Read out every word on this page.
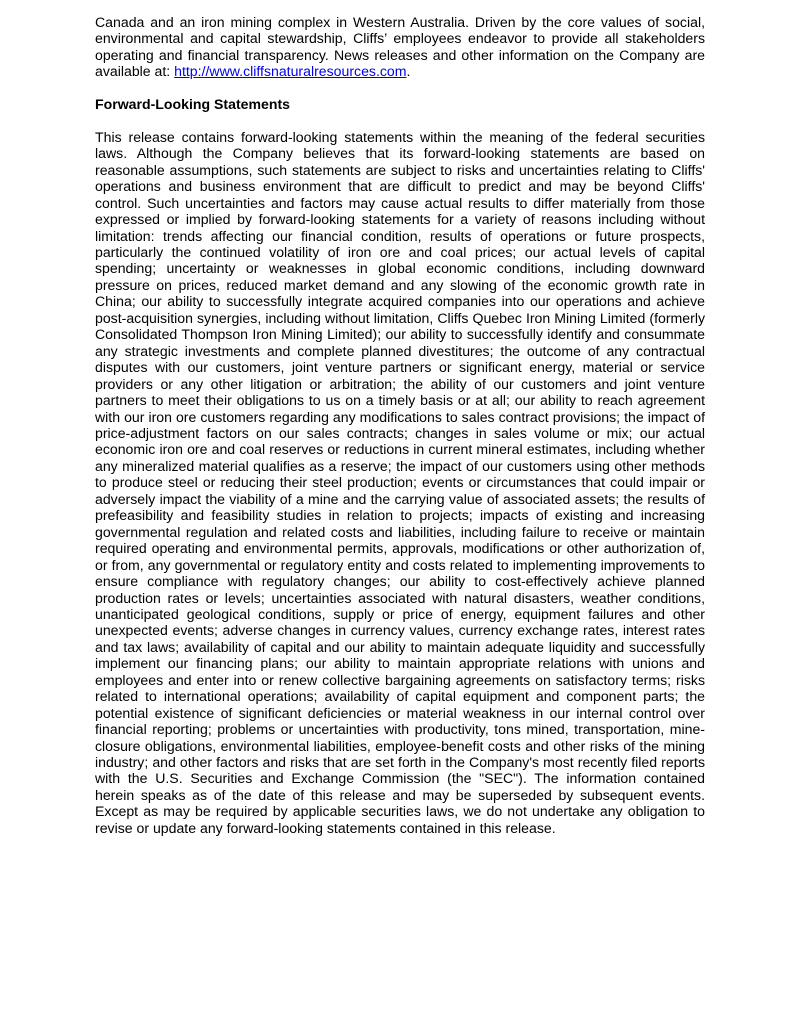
Canada and an iron mining complex in Western Australia. Driven by the core values of social, environmental and capital stewardship, Cliffs’ employees endeavor to provide all stakeholders operating and financial transparency. News releases and other information on the Company are available at: http://www.cliffsnaturalresources.com.

Forward-Looking Statements

This release contains forward-looking statements within the meaning of the federal securities laws. Although the Company believes that its forward-looking statements are based on reasonable assumptions, such statements are subject to risks and uncertainties relating to Cliffs' operations and business environment that are difficult to predict and may be beyond Cliffs' control. Such uncertainties and factors may cause actual results to differ materially from those expressed or implied by forward-looking statements for a variety of reasons including without limitation: trends affecting our financial condition, results of operations or future prospects, particularly the continued volatility of iron ore and coal prices; our actual levels of capital spending; uncertainty or weaknesses in global economic conditions, including downward pressure on prices, reduced market demand and any slowing of the economic growth rate in China; our ability to successfully integrate acquired companies into our operations and achieve post-acquisition synergies, including without limitation, Cliffs Quebec Iron Mining Limited (formerly Consolidated Thompson Iron Mining Limited); our ability to successfully identify and consummate any strategic investments and complete planned divestitures; the outcome of any contractual disputes with our customers, joint venture partners or significant energy, material or service providers or any other litigation or arbitration; the ability of our customers and joint venture partners to meet their obligations to us on a timely basis or at all; our ability to reach agreement with our iron ore customers regarding any modifications to sales contract provisions; the impact of price-adjustment factors on our sales contracts; changes in sales volume or mix; our actual economic iron ore and coal reserves or reductions in current mineral estimates, including whether any mineralized material qualifies as a reserve; the impact of our customers using other methods to produce steel or reducing their steel production; events or circumstances that could impair or adversely impact the viability of a mine and the carrying value of associated assets; the results of prefeasibility and feasibility studies in relation to projects; impacts of existing and increasing governmental regulation and related costs and liabilities, including failure to receive or maintain required operating and environmental permits, approvals, modifications or other authorization of, or from, any governmental or regulatory entity and costs related to implementing improvements to ensure compliance with regulatory changes; our ability to cost-effectively achieve planned production rates or levels; uncertainties associated with natural disasters, weather conditions, unanticipated geological conditions, supply or price of energy, equipment failures and other unexpected events; adverse changes in currency values, currency exchange rates, interest rates and tax laws; availability of capital and our ability to maintain adequate liquidity and successfully implement our financing plans; our ability to maintain appropriate relations with unions and employees and enter into or renew collective bargaining agreements on satisfactory terms; risks related to international operations; availability of capital equipment and component parts; the potential existence of significant deficiencies or material weakness in our internal control over financial reporting; problems or uncertainties with productivity, tons mined, transportation, mine-closure obligations, environmental liabilities, employee-benefit costs and other risks of the mining industry; and other factors and risks that are set forth in the Company's most recently filed reports with the U.S. Securities and Exchange Commission (the "SEC"). The information contained herein speaks as of the date of this release and may be superseded by subsequent events. Except as may be required by applicable securities laws, we do not undertake any obligation to revise or update any forward-looking statements contained in this release.
